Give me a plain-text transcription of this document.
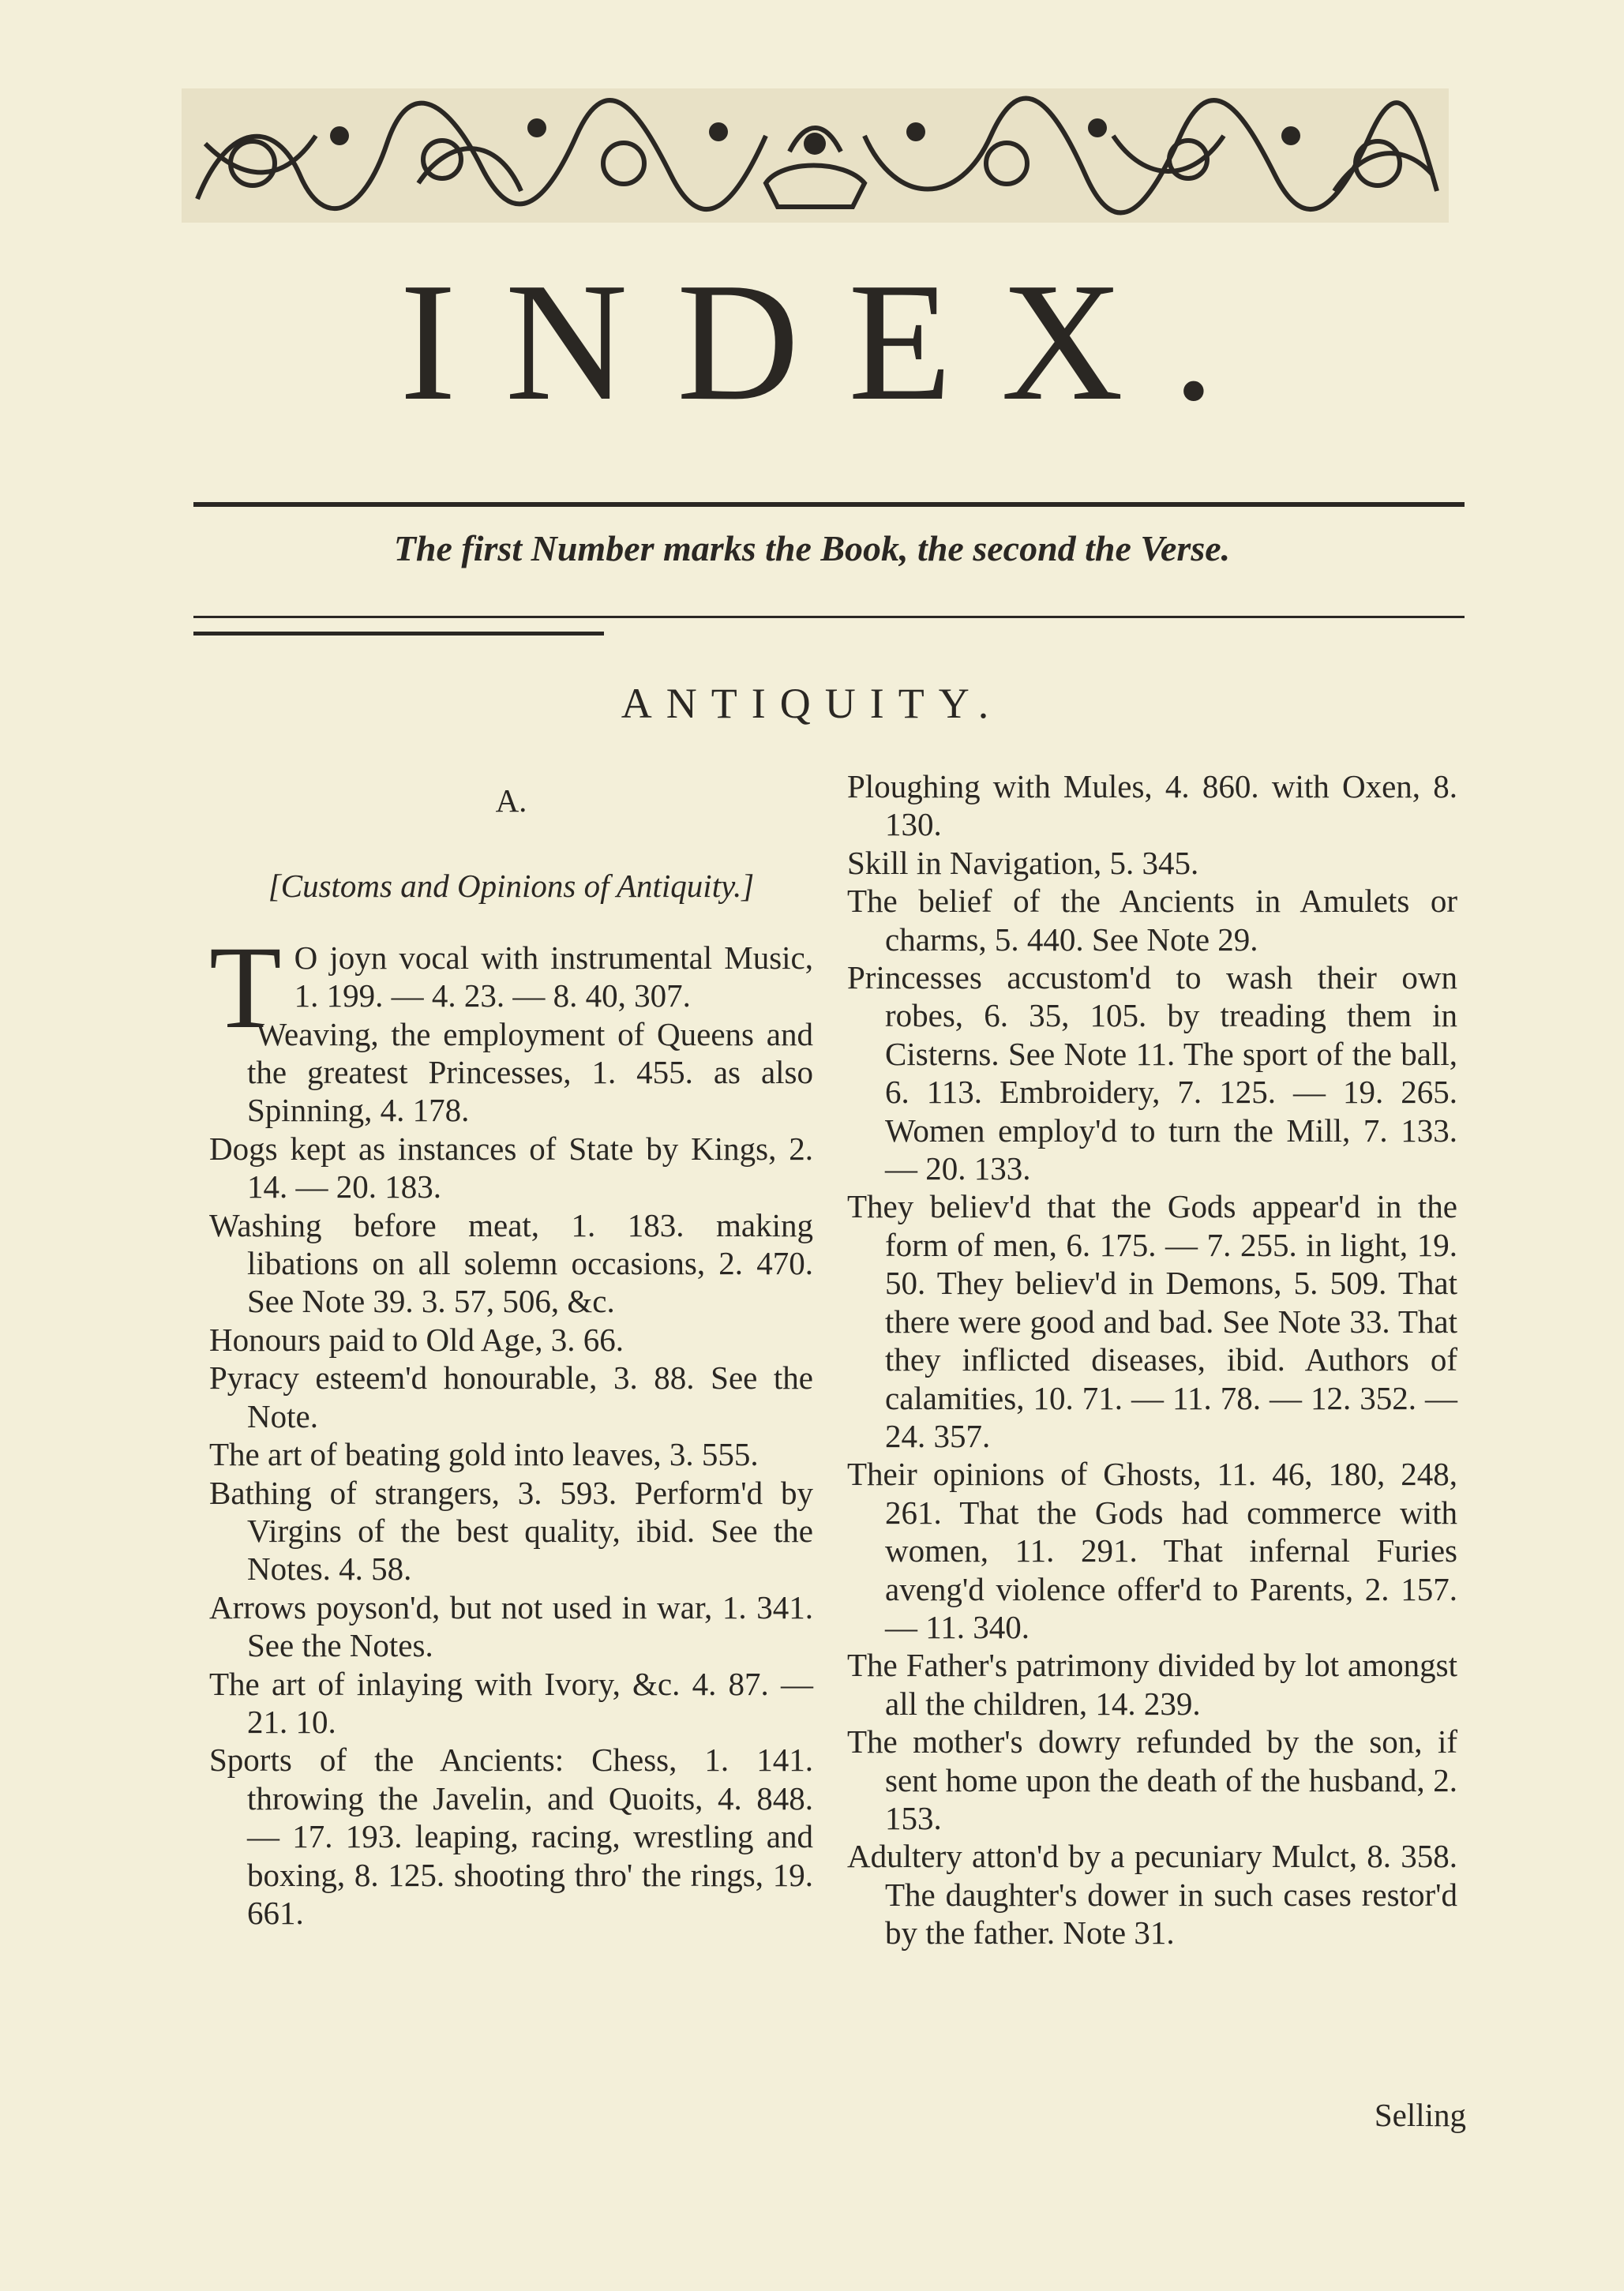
INDEX.
The first Number marks the Book, the second the Verse.
ANTIQUITY.
A.
[Customs and Opinions of Antiquity.]

T O joyn vocal with instrumental Music, 1. 199. — 4. 23. — 8. 40, 307.

Weaving, the employment of Queens and the greatest Princesses, 1. 455. as also Spinning, 4. 178.

Dogs kept as instances of State by Kings, 2. 14. — 20. 183.

Washing before meat, 1. 183. making libations on all solemn occasions, 2. 470. See Note 39. 3. 57, 506, &c.

Honours paid to Old Age, 3. 66.

Pyracy esteem'd honourable, 3. 88. See the Note.

The art of beating gold into leaves, 3. 555.

Bathing of strangers, 3. 593. Perform'd by Virgins of the best quality, ibid. See the Notes. 4. 58.

Arrows poyson'd, but not used in war, 1. 341. See the Notes.

The art of inlaying with Ivory, &c. 4. 87. — 21. 10.

Sports of the Ancients: Chess, 1. 141. throwing the Javelin, and Quoits, 4. 848. — 17. 193. leaping, racing, wrestling and boxing, 8. 125. shooting thro' the rings, 19. 661.

Ploughing with Mules, 4. 860. with Oxen, 8. 130.

Skill in Navigation, 5. 345.

The belief of the Ancients in Amulets or charms, 5. 440. See Note 29.

Princesses accustom'd to wash their own robes, 6. 35, 105. by treading them in Cisterns. See Note 11. The sport of the ball, 6. 113. Embroidery, 7. 125. — 19. 265. Women employ'd to turn the Mill, 7. 133. — 20. 133.

They believ'd that the Gods appear'd in the form of men, 6. 175. — 7. 255. in light, 19. 50. They believ'd in Demons, 5. 509. That there were good and bad. See Note 33. That they inflicted diseases, ibid. Authors of calamities, 10. 71. — 11. 78. — 12. 352. — 24. 357.

Their opinions of Ghosts, 11. 46, 180, 248, 261. That the Gods had commerce with women, 11. 291. That infernal Furies aveng'd violence offer'd to Parents, 2. 157. — 11. 340.

The Father's patrimony divided by lot amongst all the children, 14. 239.

The mother's dowry refunded by the son, if sent home upon the death of the husband, 2. 153.

Adultery atton'd by a pecuniary Mulct, 8. 358. The daughter's dower in such cases restor'd by the father. Note 31.

Selling
